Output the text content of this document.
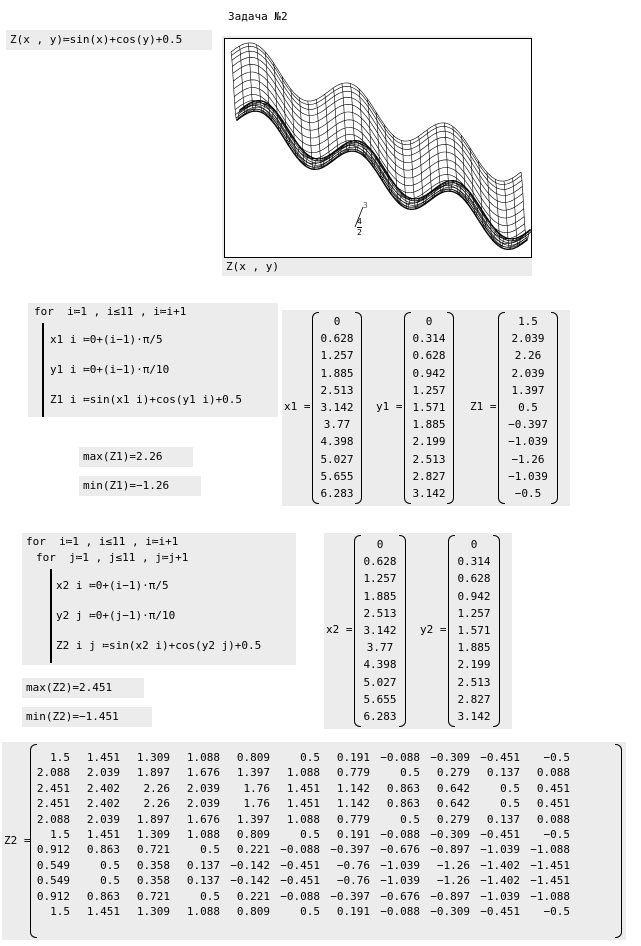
Задача №2
Z(x , y)≔sin(x)+cos(y)+0.5
3
4
2
Z(x , y)
for  i≔1 , i≤11 , i≔i+1
x1 i ≔0+(i−1)·π/5
y1 i ≔0+(i−1)·π/10
Z1 i ≔sin(x1 i)+cos(y1 i)+0.5
max(Z1)=2.26
min(Z1)=−1.26
x1 =
0
0.628
1.257
1.885
2.513
3.142
3.77
4.398
5.027
5.655
6.283
y1 =
0
0.314
0.628
0.942
1.257
1.571
1.885
2.199
2.513
2.827
3.142
Z1 =
1.5
2.039
2.26
2.039
1.397
0.5
−0.397
−1.039
−1.26
−1.039
−0.5
for  i≔1 , i≤11 , i≔i+1
for  j≔1 , j≤11 , j≔j+1
x2 i ≔0+(i−1)·π/5
y2 j ≔0+(j−1)·π/10
Z2 i j ≔sin(x2 i)+cos(y2 j)+0.5
max(Z2)=2.451
min(Z2)=−1.451
x2 =
0
0.628
1.257
1.885
2.513
3.142
3.77
4.398
5.027
5.655
6.283
y2 =
0
0.314
0.628
0.942
1.257
1.571
1.885
2.199
2.513
2.827
3.142
Z2 =
1.5	1.451	1.309	1.088	0.809	0.5	0.191 −0.088 −0.309 −0.451	−0.5
2.088	2.039	1.897	1.676	1.397	1.088	0.779	0.5	0.279	0.137	0.088
2.451	2.402	2.26	2.039	1.76	1.451	1.142	0.863	0.642	0.5	0.451
2.451	2.402	2.26	2.039	1.76	1.451	1.142	0.863	0.642	0.5	0.451
2.088	2.039	1.897	1.676	1.397	1.088	0.779	0.5	0.279	0.137	0.088
1.5	1.451	1.309	1.088	0.809	0.5	0.191 −0.088 −0.309 −0.451	−0.5
0.912	0.863	0.721	0.5	0.221 −0.088 −0.397 −0.676 −0.897 −1.039 −1.088
0.549	0.5	0.358	0.137 −0.142 −0.451	−0.76 −1.039	−1.26 −1.402 −1.451
0.549	0.5	0.358	0.137 −0.142 −0.451	−0.76 −1.039	−1.26 −1.402 −1.451
0.912	0.863	0.721	0.5	0.221 −0.088 −0.397 −0.676 −0.897 −1.039 −1.088
1.5	1.451	1.309	1.088	0.809	0.5	0.191 −0.088 −0.309 −0.451	−0.5
